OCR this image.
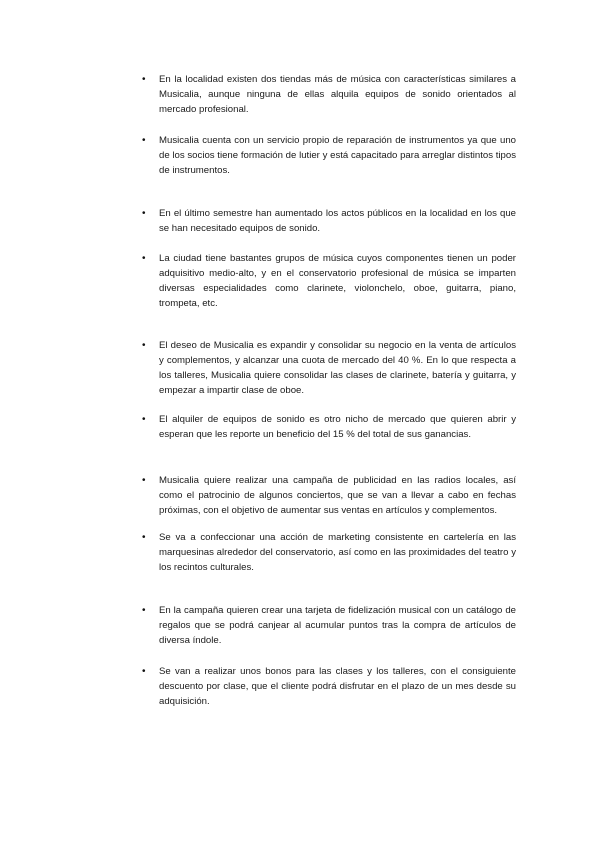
• En la localidad existen dos tiendas más de música con características similares a Musicalia, aunque ninguna de ellas alquila equipos de sonido orientados al mercado profesional.
• Musicalia cuenta con un servicio propio de reparación de instrumentos ya que uno de los socios tiene formación de lutier y está capacitado para arreglar distintos tipos de instrumentos.
• En el último semestre han aumentado los actos públicos en la localidad en los que se han necesitado equipos de sonido.
• La ciudad tiene bastantes grupos de música cuyos componentes tienen un poder adquisitivo medio-alto, y en el conservatorio profesional de música se imparten diversas especialidades como clarinete, violonchelo, oboe, guitarra, piano, trompeta, etc.
• El deseo de Musicalia es expandir y consolidar su negocio en la venta de artículos y complementos, y alcanzar una cuota de mercado del 40 %. En lo que respecta a los talleres, Musicalia quiere consolidar las clases de clarinete, batería y guitarra, y empezar a impartir clase de oboe.
• El alquiler de equipos de sonido es otro nicho de mercado que quieren abrir y esperan que les reporte un beneficio del 15 % del total de sus ganancias.
• Musicalia quiere realizar una campaña de publicidad en las radios locales, así como el patrocinio de algunos conciertos, que se van a llevar a cabo en fechas próximas, con el objetivo de aumentar sus ventas en artículos y complementos.
• Se va a confeccionar una acción de marketing consistente en cartelería en las marquesinas alrededor del conservatorio, así como en las proximidades del teatro y los recintos culturales.
• En la campaña quieren crear una tarjeta de fidelización musical con un catálogo de regalos que se podrá canjear al acumular puntos tras la compra de artículos de diversa índole.
• Se van a realizar unos bonos para las clases y los talleres, con el consiguiente descuento por clase, que el cliente podrá disfrutar en el plazo de un mes desde su adquisición.
